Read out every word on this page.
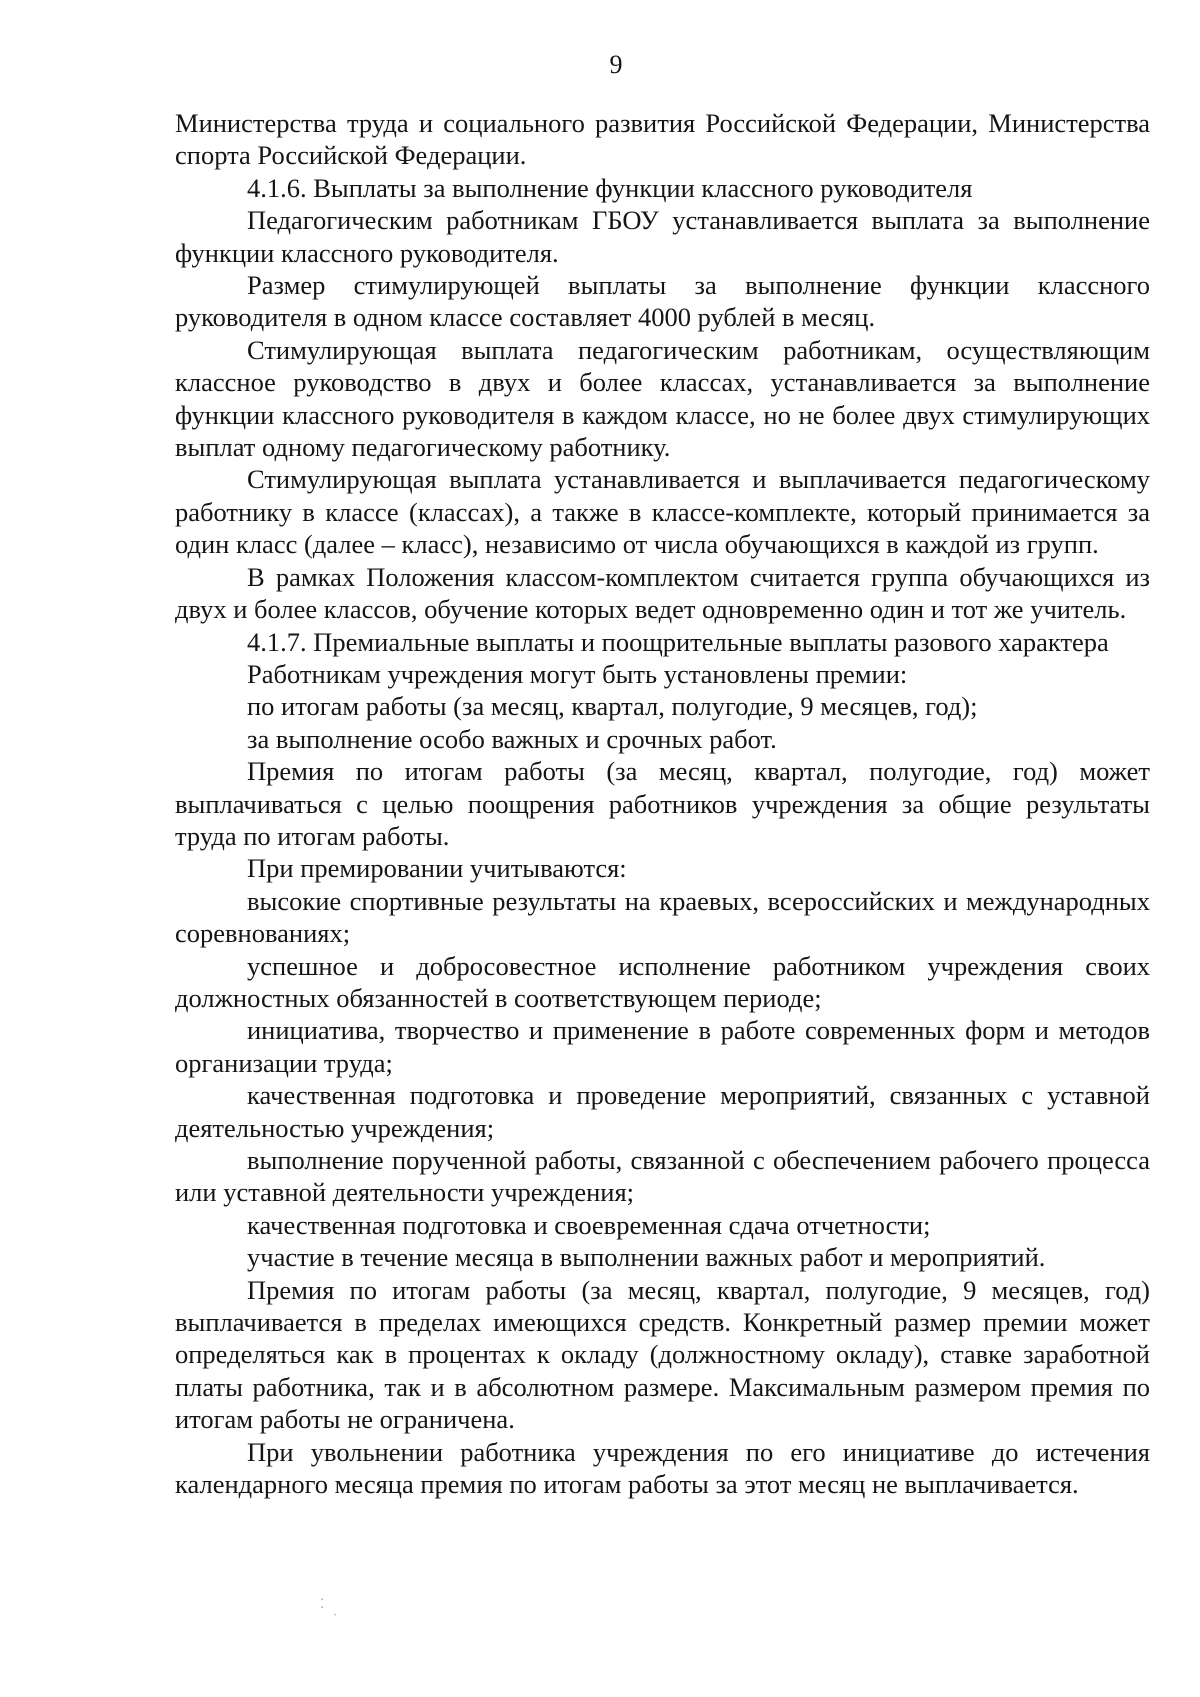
9

Министерства труда и социального развития Российской Федерации, Министерства спорта Российской Федерации.

4.1.6. Выплаты за выполнение функции классного руководителя

Педагогическим работникам ГБОУ устанавливается выплата за выполнение функции классного руководителя.

Размер стимулирующей выплаты за выполнение функции классного руководителя в одном классе составляет 4000 рублей в месяц.

Стимулирующая выплата педагогическим работникам, осуществляющим классное руководство в двух и более классах, устанавливается за выполнение функции классного руководителя в каждом классе, но не более двух стимулирующих выплат одному педагогическому работнику.

Стимулирующая выплата устанавливается и выплачивается педагогическому работнику в классе (классах), а также в классе-комплекте, который принимается за один класс (далее – класс), независимо от числа обучающихся в каждой из групп.

В рамках Положения классом-комплектом считается группа обучающихся из двух и более классов, обучение которых ведет одновременно один и тот же учитель.

4.1.7. Премиальные выплаты и поощрительные выплаты разового характера

Работникам учреждения могут быть установлены премии:

по итогам работы (за месяц, квартал, полугодие, 9 месяцев, год);

за выполнение особо важных и срочных работ.

Премия по итогам работы (за месяц, квартал, полугодие, год) может выплачиваться с целью поощрения работников учреждения за общие результаты труда по итогам работы.

При премировании учитываются:

высокие спортивные результаты на краевых, всероссийских и международных соревнованиях;

успешное и добросовестное исполнение работником учреждения своих должностных обязанностей в соответствующем периоде;

инициатива, творчество и применение в работе современных форм и методов организации труда;

качественная подготовка и проведение мероприятий, связанных с уставной деятельностью учреждения;

выполнение порученной работы, связанной с обеспечением рабочего процесса или уставной деятельности учреждения;

качественная подготовка и своевременная сдача отчетности;

участие в течение месяца в выполнении важных работ и мероприятий.

Премия по итогам работы (за месяц, квартал, полугодие, 9 месяцев, год) выплачивается в пределах имеющихся средств. Конкретный размер премии может определяться как в процентах к окладу (должностному окладу), ставке заработной платы работника, так и в абсолютном размере. Максимальным размером премия по итогам работы не ограничена.

При увольнении работника учреждения по его инициативе до истечения календарного месяца премия по итогам работы за этот месяц не выплачивается.

⁚
·
